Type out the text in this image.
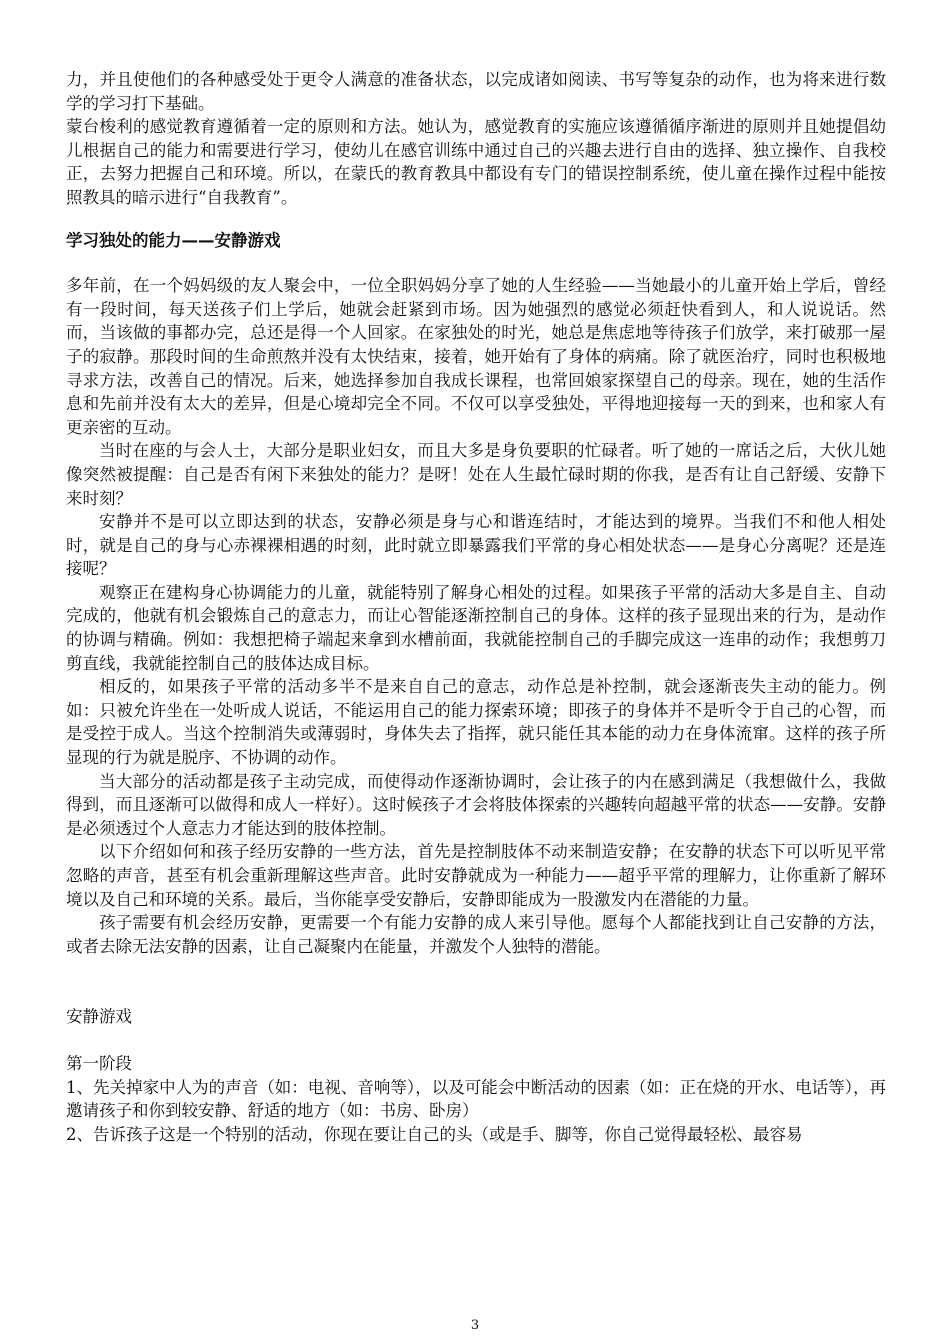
力，并且使他们的各种感受处于更令人满意的准备状态，以完成诸如阅读、书写等复杂的动作，也为将来进行数学的学习打下基础。

蒙台梭利的感觉教育遵循着一定的原则和方法。她认为，感觉教育的实施应该遵循循序渐进的原则并且她提倡幼儿根据自己的能力和需要进行学习，使幼儿在感官训练中通过自己的兴趣去进行自由的选择、独立操作、自我校正，去努力把握自己和环境。所以，在蒙氏的教育教具中都设有专门的错误控制系统，使儿童在操作过程中能按照教具的暗示进行“自我教育”。

学习独处的能力——安静游戏

多年前，在一个妈妈级的友人聚会中，一位全职妈妈分享了她的人生经验——当她最小的儿童开始上学后，曾经有一段时间，每天送孩子们上学后，她就会赶紧到市场。因为她强烈的感觉必须赶快看到人，和人说说话。然而，当该做的事都办完，总还是得一个人回家。在家独处的时光，她总是焦虑地等待孩子们放学，来打破那一屋子的寂静。那段时间的生命煎熬并没有太快结束，接着，她开始有了身体的病痛。除了就医治疗，同时也积极地寻求方法，改善自己的情况。后来，她选择参加自我成长课程，也常回娘家探望自己的母亲。现在，她的生活作息和先前并没有太大的差异，但是心境却完全不同。不仅可以享受独处，平得地迎接每一天的到来，也和家人有更亲密的互动。

当时在座的与会人士，大部分是职业妇女，而且大多是身负要职的忙碌者。听了她的一席话之后，大伙儿她像突然被提醒：自己是否有闲下来独处的能力？是呀！处在人生最忙碌时期的你我，是否有让自己舒缓、安静下来时刻？

安静并不是可以立即达到的状态，安静必须是身与心和谐连结时，才能达到的境界。当我们不和他人相处时，就是自己的身与心赤裸裸相遇的时刻，此时就立即暴露我们平常的身心相处状态——是身心分离呢？还是连接呢？

观察正在建构身心协调能力的儿童，就能特别了解身心相处的过程。如果孩子平常的活动大多是自主、自动完成的，他就有机会锻炼自己的意志力，而让心智能逐渐控制自己的身体。这样的孩子显现出来的行为，是动作的协调与精确。例如：我想把椅子端起来拿到水槽前面，我就能控制自己的手脚完成这一连串的动作；我想剪刀剪直线，我就能控制自己的肢体达成目标。

相反的，如果孩子平常的活动多半不是来自自己的意志，动作总是补控制，就会逐渐丧失主动的能力。例如：只被允许坐在一处听成人说话，不能运用自己的能力探索环境；即孩子的身体并不是听令于自己的心智，而是受控于成人。当这个控制消失或薄弱时，身体失去了指挥，就只能任其本能的动力在身体流窜。这样的孩子所显现的行为就是脱序、不协调的动作。

当大部分的活动都是孩子主动完成，而使得动作逐渐协调时，会让孩子的内在感到满足（我想做什么，我做得到，而且逐渐可以做得和成人一样好）。这时候孩子才会将肢体探索的兴趣转向超越平常的状态——安静。安静是必须透过个人意志力才能达到的肢体控制。

以下介绍如何和孩子经历安静的一些方法，首先是控制肢体不动来制造安静；在安静的状态下可以听见平常忽略的声音，甚至有机会重新理解这些声音。此时安静就成为一种能力——超乎平常的理解力，让你重新了解环境以及自己和环境的关系。最后，当你能享受安静后，安静即能成为一股激发内在潜能的力量。

孩子需要有机会经历安静，更需要一个有能力安静的成人来引导他。愿每个人都能找到让自己安静的方法，或者去除无法安静的因素，让自己凝聚内在能量，并激发个人独特的潜能。

安静游戏

第一阶段

1、先关掉家中人为的声音（如：电视、音响等），以及可能会中断活动的因素（如：正在烧的开水、电话等），再邀请孩子和你到较安静、舒适的地方（如：书房、卧房）

2、告诉孩子这是一个特别的活动，你现在要让自己的头（或是手、脚等，你自己觉得最轻松、最容易

3
